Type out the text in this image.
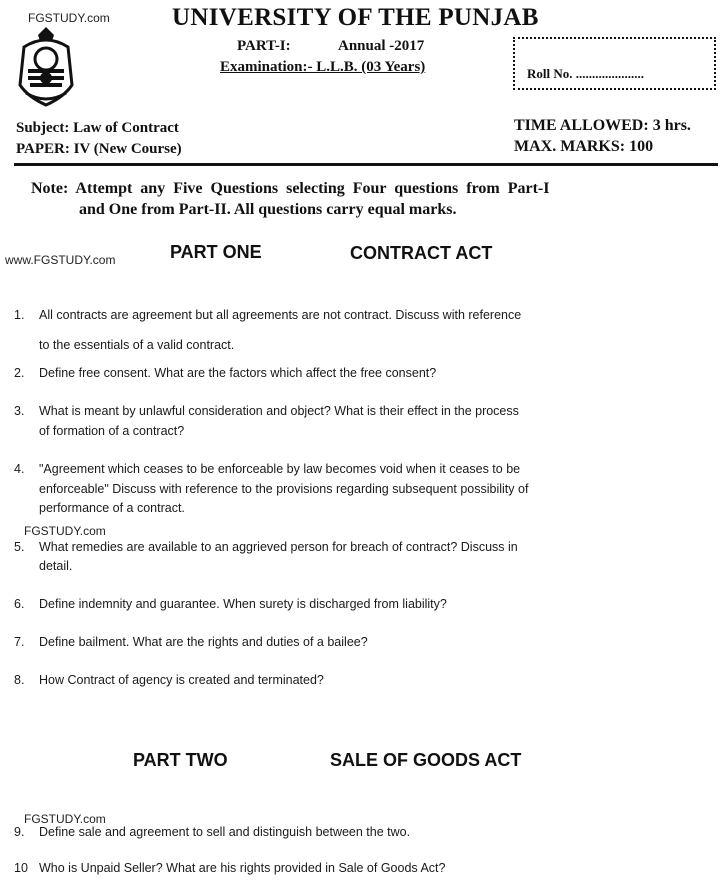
FGSTUDY.com UNIVERSITY OF THE PUNJAB
PART-I:	Annual -2017
Examination:- L.L.B. (03 Years)	Roll No. .....................
Subject: Law of Contract
PAPER: IV (New Course)
TIME ALLOWED: 3 hrs.
MAX. MARKS: 100
Note: Attempt any Five Questions selecting Four questions from Part-I
and One from Part-II. All questions carry equal marks.
www.FGSTUDY.com	PART ONE	CONTRACT ACT
1. All contracts are agreement but all agreements are not contract. Discuss with reference
to the essentials of a valid contract.
2. Define free consent. What are the factors which affect the free consent?
3. What is meant by unlawful consideration and object? What is their effect in the process
of formation of a contract?
4. "Agreement which ceases to be enforceable by law becomes void when it ceases to be
enforceable" Discuss with reference to the provisions regarding subsequent possibility of
performance of a contract.
5. What remedies are available to an aggrieved person for breach of contract? Discuss in
detail.
6. Define indemnity and guarantee. When surety is discharged from liability?
7. Define bailment. What are the rights and duties of a bailee?
8. How Contract of agency is created and terminated?
9. Define sale and agreement to sell and distinguish between the two.
10 Who is Unpaid Seller? What are his rights provided in Sale of Goods Act?
FGSTUDY.com
PART TWO	SALE OF GOODS ACT
FGSTUDY.com
